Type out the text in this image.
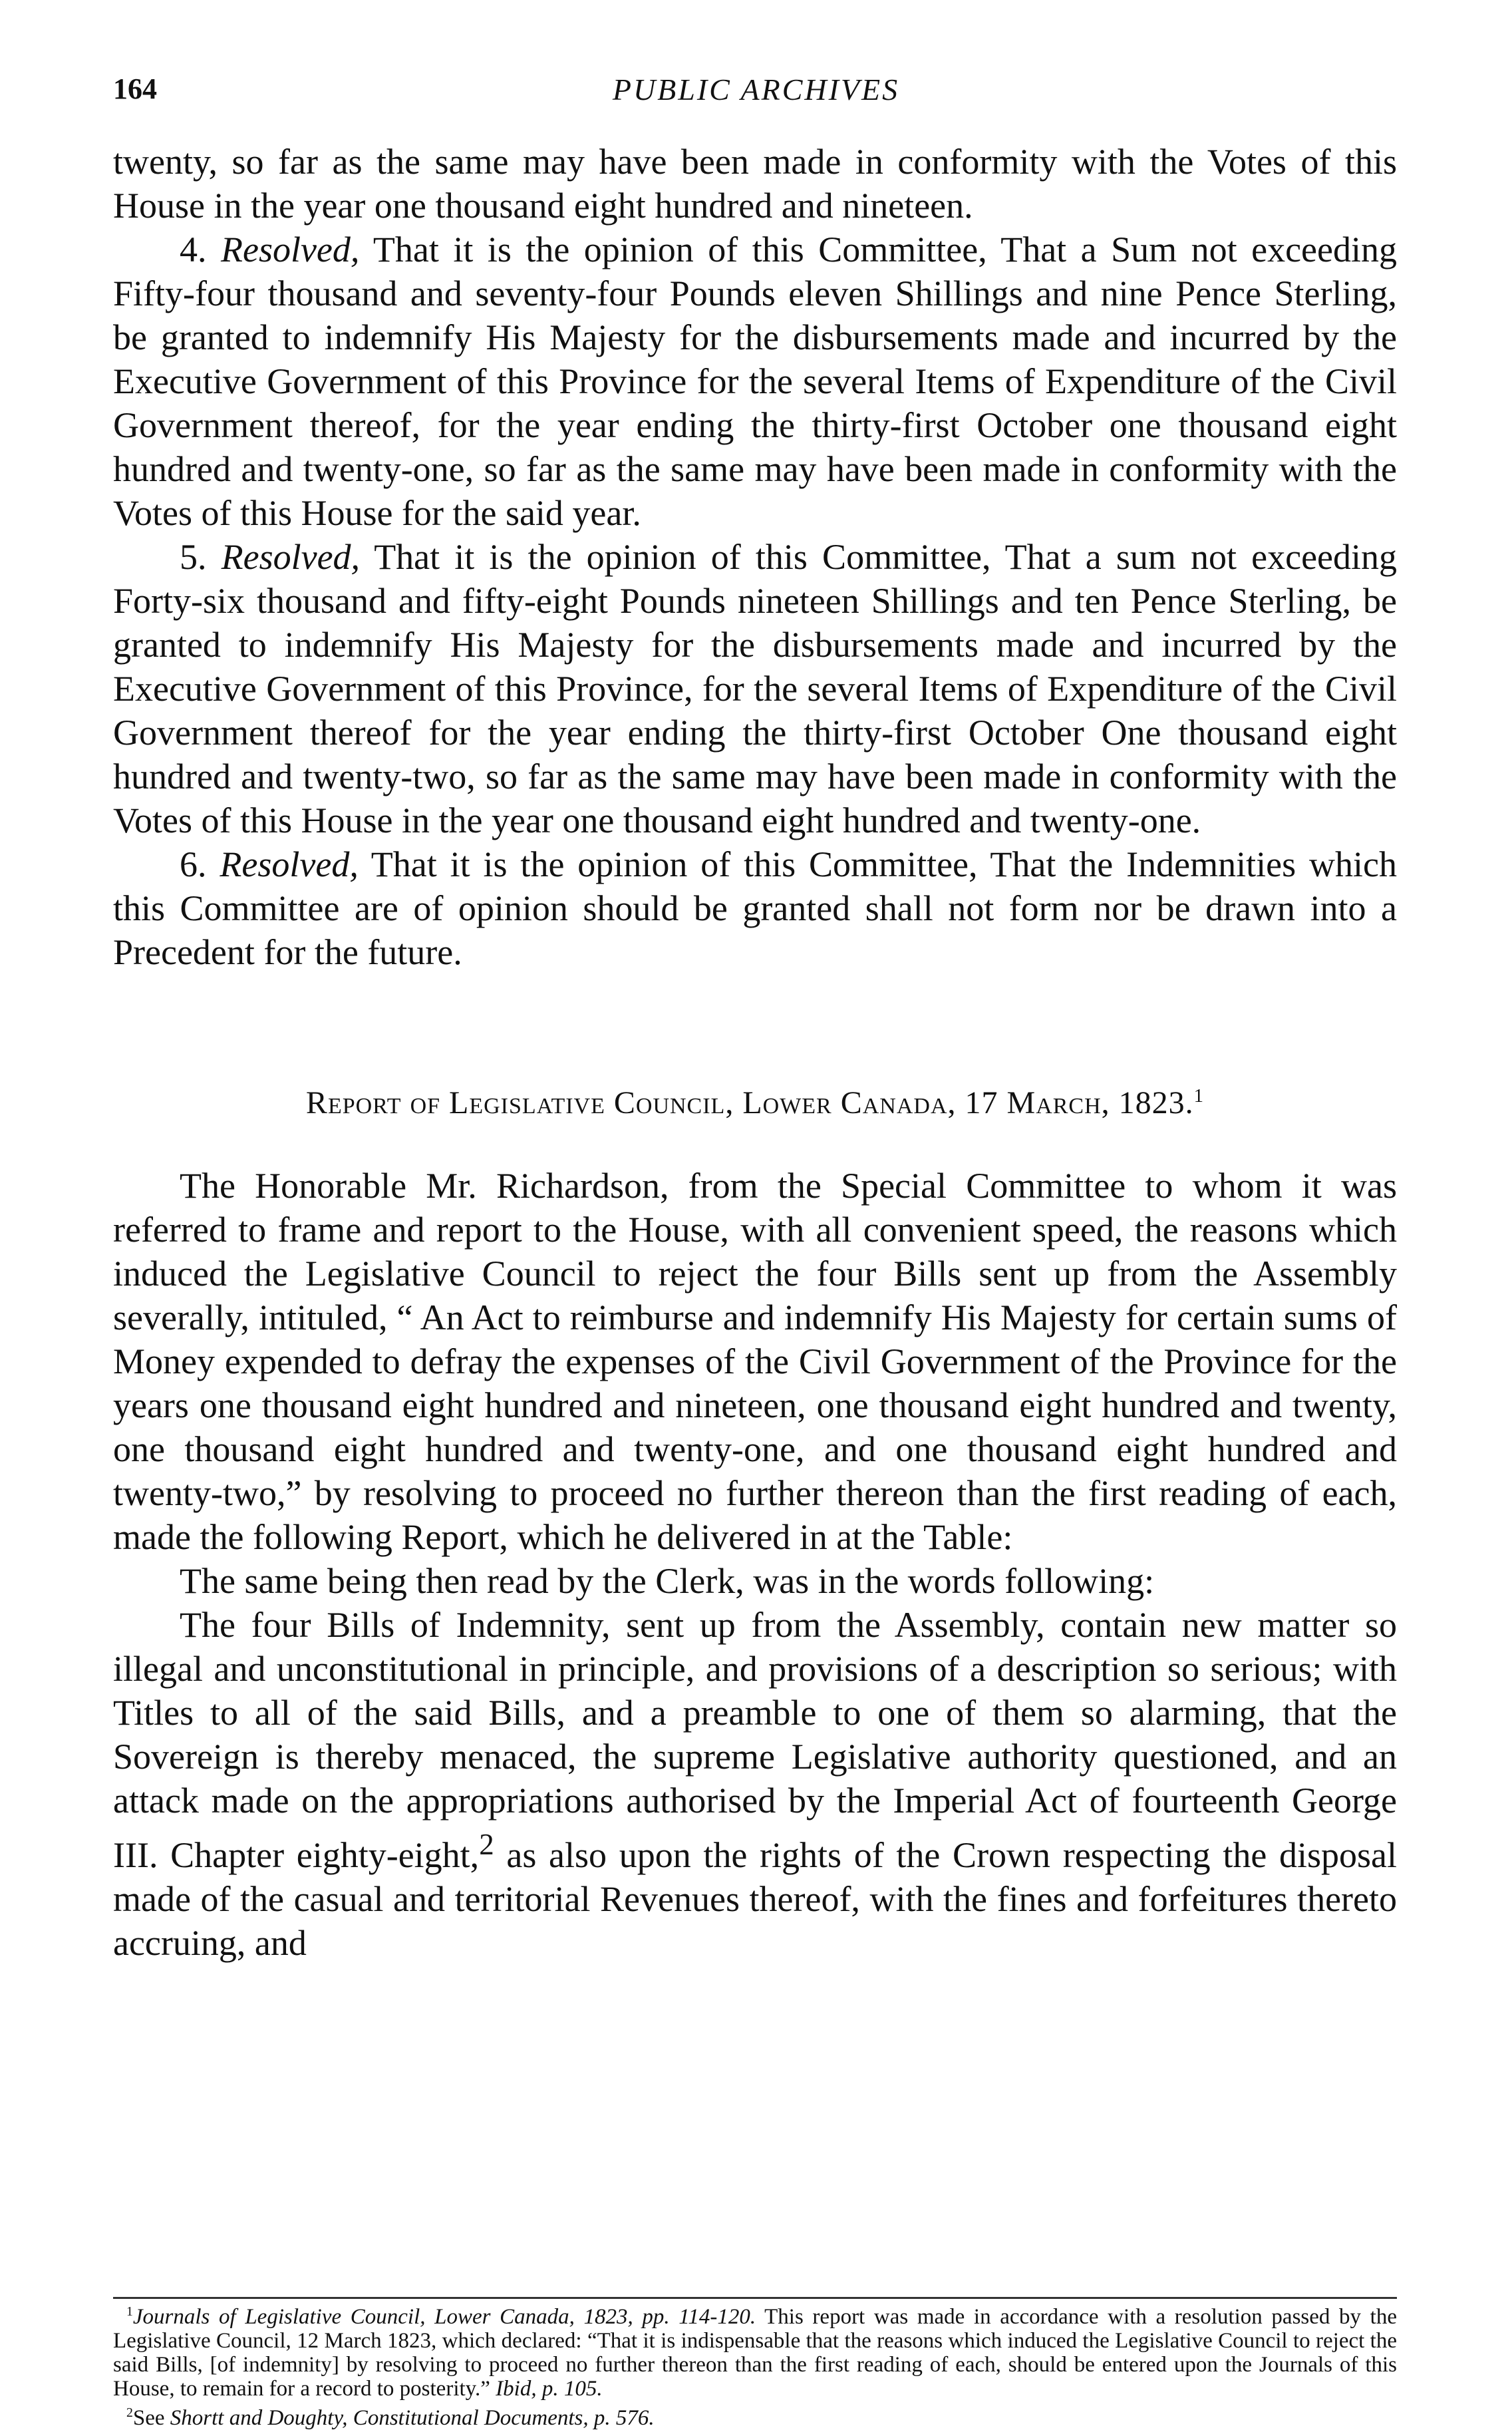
164	PUBLIC ARCHIVES

twenty, so far as the same may have been made in conformity with the Votes of this House in the year one thousand eight hundred and nineteen.

4. Resolved, That it is the opinion of this Committee, That a Sum not exceeding Fifty-four thousand and seventy-four Pounds eleven Shillings and nine Pence Sterling, be granted to indemnify His Majesty for the disbursements made and incurred by the Executive Government of this Province for the several Items of Expenditure of the Civil Government thereof, for the year ending the thirty-first October one thousand eight hundred and twenty-one, so far as the same may have been made in conformity with the Votes of this House for the said year.

5. Resolved, That it is the opinion of this Committee, That a sum not exceeding Forty-six thousand and fifty-eight Pounds nineteen Shillings and ten Pence Sterling, be granted to indemnify His Majesty for the disbursements made and incurred by the Executive Government of this Province, for the several Items of Expenditure of the Civil Government thereof for the year ending the thirty-first October One thousand eight hundred and twenty-two, so far as the same may have been made in conformity with the Votes of this House in the year one thousand eight hundred and twenty-one.

6. Resolved, That it is the opinion of this Committee, That the Indemnities which this Committee are of opinion should be granted shall not form nor be drawn into a Precedent for the future.

Report of Legislative Council, Lower Canada, 17 March, 1823.$^1$

The Honorable Mr. Richardson, from the Special Committee to whom it was referred to frame and report to the House, with all convenient speed, the reasons which induced the Legislative Council to reject the four Bills sent up from the Assembly severally, intituled, “ An Act to reimburse and indemnify His Majesty for certain sums of Money expended to defray the expenses of the Civil Government of the Province for the years one thousand eight hundred and nineteen, one thousand eight hundred and twenty, one thousand eight hundred and twenty-one, and one thousand eight hundred and twenty-two,” by resolving to proceed no further thereon than the first reading of each, made the following Report, which he delivered in at the Table:

The same being then read by the Clerk, was in the words following:

The four Bills of Indemnity, sent up from the Assembly, contain new matter so illegal and unconstitutional in principle, and provisions of a description so serious; with Titles to all of the said Bills, and a preamble to one of them so alarming, that the Sovereign is thereby menaced, the supreme Legislative authority questioned, and an attack made on the appropriations authorised by the Imperial Act of fourteenth George III. Chapter eighty-eight,$^2$ as also upon the rights of the Crown respecting the disposal made of the casual and territorial Revenues thereof, with the fines and forfeitures thereto accruing, and

$^1$Journals of Legislative Council, Lower Canada, 1823, pp. 114-120. This report was made in accordance with a resolution passed by the Legislative Council, 12 March 1823, which declared: “That it is indispensable that the reasons which induced the Legislative Council to reject the said Bills, [of indemnity] by resolving to proceed no further thereon than the first reading of each, should be entered upon the Journals of this House, to remain for a record to posterity.” Ibid, p. 105.

$^2$See Shortt and Doughty, Constitutional Documents, p. 576.
